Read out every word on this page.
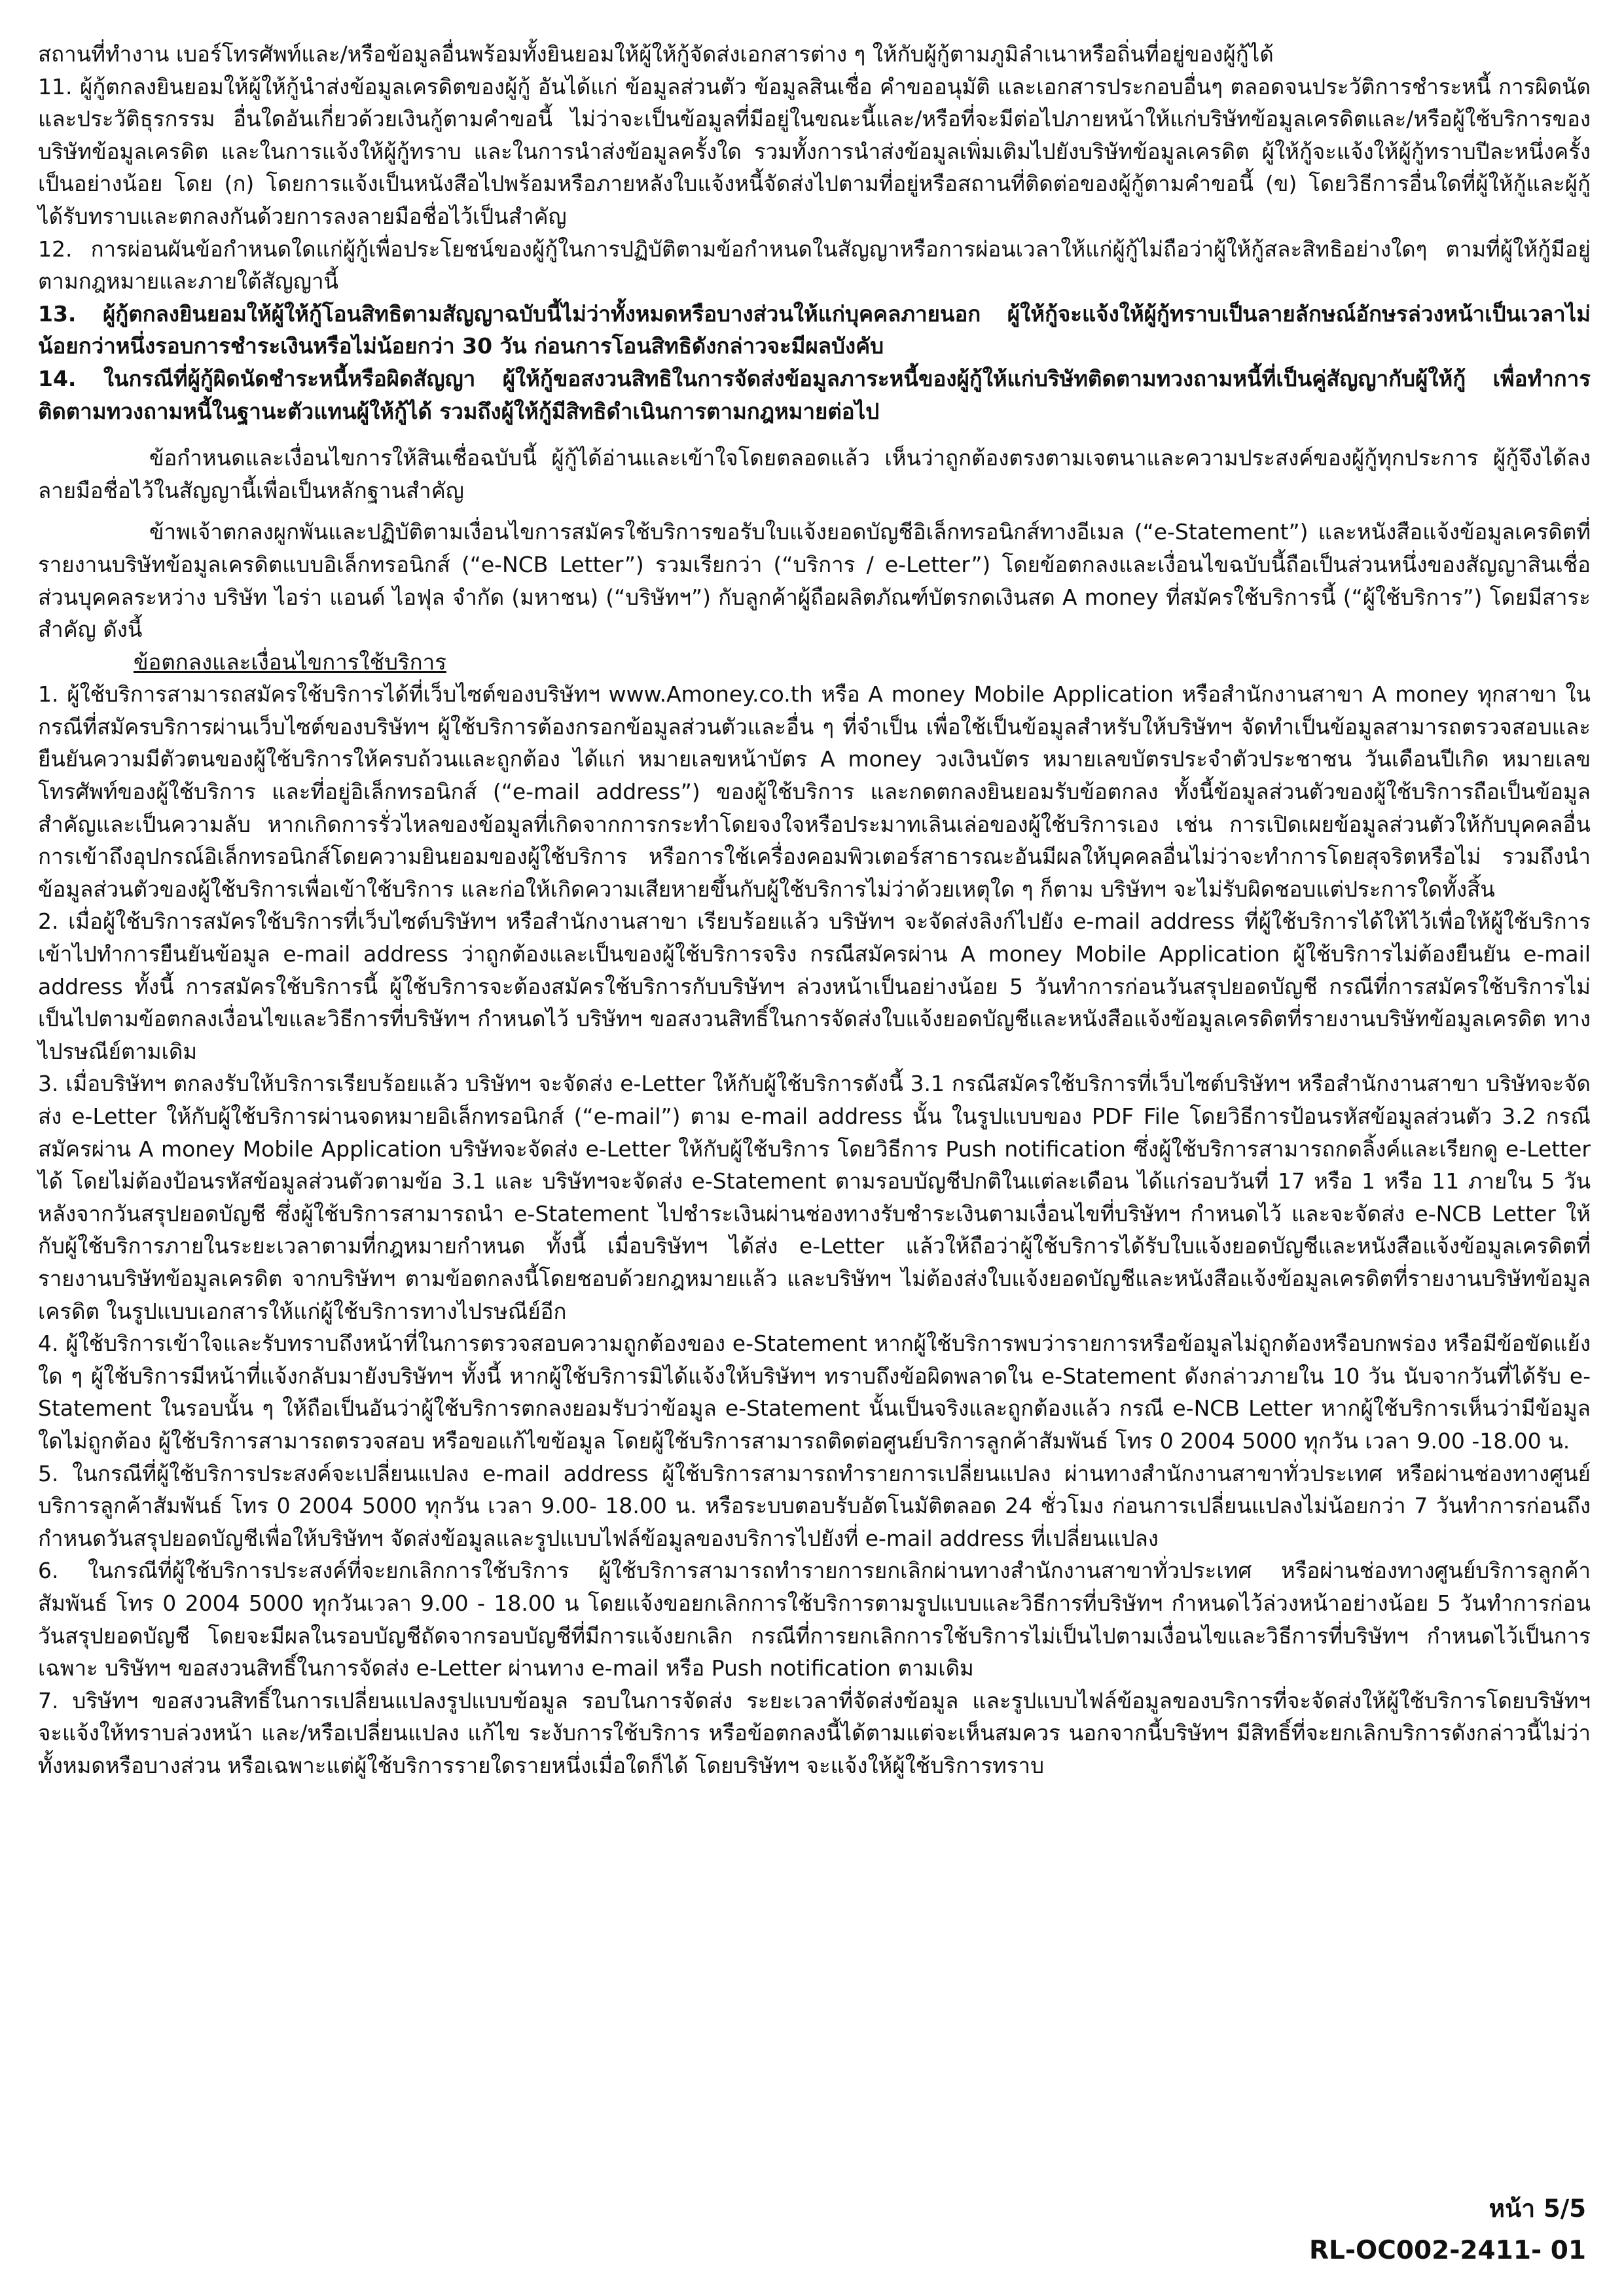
สถานที่ทำงาน เบอร์โทรศัพท์และ/หรือข้อมูลอื่นพร้อมทั้งยินยอมให้ผู้ให้กู้จัดส่งเอกสารต่าง ๆ ให้กับผู้กู้ตามภูมิลำเนาหรือถิ่นที่อยู่ของผู้กู้ได้

11. ผู้กู้ตกลงยินยอมให้ผู้ให้กู้นำส่งข้อมูลเครดิตของผู้กู้ อันได้แก่ ข้อมูลส่วนตัว ข้อมูลสินเชื่อ คำขออนุมัติ และเอกสารประกอบอื่นๆ ตลอดจนประวัติการชำระหนี้ การผิดนัด และประวัติธุรกรรม อื่นใดอันเกี่ยวด้วยเงินกู้ตามคำขอนี้ ไม่ว่าจะเป็นข้อมูลที่มีอยู่ในขณะนี้และ/หรือที่จะมีต่อไปภายหน้าให้แก่บริษัทข้อมูลเครดิตและ/หรือผู้ใช้บริการของบริษัทข้อมูลเครดิต และในการแจ้งให้ผู้กู้ทราบ และในการนำส่งข้อมูลครั้งใด รวมทั้งการนำส่งข้อมูลเพิ่มเติมไปยังบริษัทข้อมูลเครดิต ผู้ให้กู้จะแจ้งให้ผู้กู้ทราบปีละหนึ่งครั้งเป็นอย่างน้อย โดย (ก) โดยการแจ้งเป็นหนังสือไปพร้อมหรือภายหลังใบแจ้งหนี้จัดส่งไปตามที่อยู่หรือสถานที่ติดต่อของผู้กู้ตามคำขอนี้ (ข) โดยวิธีการอื่นใดที่ผู้ให้กู้และผู้กู้ได้รับทราบและตกลงกันด้วยการลงลายมือชื่อไว้เป็นสำคัญ

12. การผ่อนผันข้อกำหนดใดแก่ผู้กู้เพื่อประโยชน์ของผู้กู้ในการปฏิบัติตามข้อกำหนดในสัญญาหรือการผ่อนเวลาให้แก่ผู้กู้ไม่ถือว่าผู้ให้กู้สละสิทธิอย่างใดๆ ตามที่ผู้ให้กู้มีอยู่ตามกฎหมายและภายใต้สัญญานี้

13. ผู้กู้ตกลงยินยอมให้ผู้ให้กู้โอนสิทธิตามสัญญาฉบับนี้ไม่ว่าทั้งหมดหรือบางส่วนให้แก่บุคคลภายนอก ผู้ให้กู้จะแจ้งให้ผู้กู้ทราบเป็นลายลักษณ์อักษรล่วงหน้าเป็นเวลาไม่น้อยกว่าหนึ่งรอบการชำระเงินหรือไม่น้อยกว่า 30 วัน ก่อนการโอนสิทธิดังกล่าวจะมีผลบังคับ

14. ในกรณีที่ผู้กู้ผิดนัดชำระหนี้หรือผิดสัญญา ผู้ให้กู้ขอสงวนสิทธิในการจัดส่งข้อมูลภาระหนี้ของผู้กู้ให้แก่บริษัทติดตามทวงถามหนี้ที่เป็นคู่สัญญากับผู้ให้กู้ เพื่อทำการติดตามทวงถามหนี้ในฐานะตัวแทนผู้ให้กู้ได้ รวมถึงผู้ให้กู้มีสิทธิดำเนินการตามกฎหมายต่อไป

ข้อกำหนดและเงื่อนไขการให้สินเชื่อฉบับนี้ ผู้กู้ได้อ่านและเข้าใจโดยตลอดแล้ว เห็นว่าถูกต้องตรงตามเจตนาและความประสงค์ของผู้กู้ทุกประการ ผู้กู้จึงได้ลงลายมือชื่อไว้ในสัญญานี้เพื่อเป็นหลักฐานสำคัญ

ข้าพเจ้าตกลงผูกพันและปฏิบัติตามเงื่อนไขการสมัครใช้บริการขอรับใบแจ้งยอดบัญชีอิเล็กทรอนิกส์ทางอีเมล (“e-Statement”) และหนังสือแจ้งข้อมูลเครดิตที่รายงานบริษัทข้อมูลเครดิตแบบอิเล็กทรอนิกส์ (“e-NCB Letter”) รวมเรียกว่า (“บริการ / e-Letter”) โดยข้อตกลงและเงื่อนไขฉบับนี้ถือเป็นส่วนหนึ่งของสัญญาสินเชื่อส่วนบุคคลระหว่าง บริษัท ไอร่า แอนด์ ไอฟุล จำกัด (มหาชน) (“บริษัทฯ”) กับลูกค้าผู้ถือผลิตภัณฑ์บัตรกดเงินสด A money ที่สมัครใช้บริการนี้ (“ผู้ใช้บริการ”) โดยมีสาระสำคัญ ดังนี้

ข้อตกลงและเงื่อนไขการใช้บริการ

1. ผู้ใช้บริการสามารถสมัครใช้บริการได้ที่เว็บไซต์ของบริษัทฯ www.Amoney.co.th หรือ A money Mobile Application หรือสำนักงานสาขา A money ทุกสาขา ในกรณีที่สมัครบริการผ่านเว็บไซต์ของบริษัทฯ ผู้ใช้บริการต้องกรอกข้อมูลส่วนตัวและอื่น ๆ ที่จำเป็น เพื่อใช้เป็นข้อมูลสำหรับให้บริษัทฯ จัดทำเป็นข้อมูลสามารถตรวจสอบและยืนยันความมีตัวตนของผู้ใช้บริการให้ครบถ้วนและถูกต้อง ได้แก่ หมายเลขหน้าบัตร A money วงเงินบัตร หมายเลขบัตรประจำตัวประชาชน วันเดือนปีเกิด หมายเลขโทรศัพท์ของผู้ใช้บริการ และที่อยู่อิเล็กทรอนิกส์ (“e-mail address”) ของผู้ใช้บริการ และกดตกลงยินยอมรับข้อตกลง ทั้งนี้ข้อมูลส่วนตัวของผู้ใช้บริการถือเป็นข้อมูลสำคัญและเป็นความลับ หากเกิดการรั่วไหลของข้อมูลที่เกิดจากการกระทำโดยจงใจหรือประมาทเลินเล่อของผู้ใช้บริการเอง เช่น การเปิดเผยข้อมูลส่วนตัวให้กับบุคคลอื่น การเข้าถึงอุปกรณ์อิเล็กทรอนิกส์โดยความยินยอมของผู้ใช้บริการ หรือการใช้เครื่องคอมพิวเตอร์สาธารณะอันมีผลให้บุคคลอื่นไม่ว่าจะทำการโดยสุจริตหรือไม่ รวมถึงนำข้อมูลส่วนตัวของผู้ใช้บริการเพื่อเข้าใช้บริการ และก่อให้เกิดความเสียหายขึ้นกับผู้ใช้บริการไม่ว่าด้วยเหตุใด ๆ ก็ตาม บริษัทฯ จะไม่รับผิดชอบแต่ประการใดทั้งสิ้น

2. เมื่อผู้ใช้บริการสมัครใช้บริการที่เว็บไซต์บริษัทฯ หรือสำนักงานสาขา เรียบร้อยแล้ว บริษัทฯ จะจัดส่งลิงก์ไปยัง e-mail address ที่ผู้ใช้บริการได้ให้ไว้เพื่อให้ผู้ใช้บริการเข้าไปทำการยืนยันข้อมูล e-mail address ว่าถูกต้องและเป็นของผู้ใช้บริการจริง กรณีสมัครผ่าน A money Mobile Application ผู้ใช้บริการไม่ต้องยืนยัน e-mail address ทั้งนี้ การสมัครใช้บริการนี้ ผู้ใช้บริการจะต้องสมัครใช้บริการกับบริษัทฯ ล่วงหน้าเป็นอย่างน้อย 5 วันทำการก่อนวันสรุปยอดบัญชี กรณีที่การสมัครใช้บริการไม่เป็นไปตามข้อตกลงเงื่อนไขและวิธีการที่บริษัทฯ กำหนดไว้ บริษัทฯ ขอสงวนสิทธิ์ในการจัดส่งใบแจ้งยอดบัญชีและหนังสือแจ้งข้อมูลเครดิตที่รายงานบริษัทข้อมูลเครดิต ทางไปรษณีย์ตามเดิม

3. เมื่อบริษัทฯ ตกลงรับให้บริการเรียบร้อยแล้ว บริษัทฯ จะจัดส่ง e-Letter ให้กับผู้ใช้บริการดังนี้ 3.1 กรณีสมัครใช้บริการที่เว็บไซต์บริษัทฯ หรือสำนักงานสาขา บริษัทจะจัดส่ง e-Letter ให้กับผู้ใช้บริการผ่านจดหมายอิเล็กทรอนิกส์ (“e-mail”) ตาม e-mail address นั้น ในรูปแบบของ PDF File โดยวิธีการป้อนรหัสข้อมูลส่วนตัว 3.2 กรณีสมัครผ่าน A money Mobile Application บริษัทจะจัดส่ง e-Letter ให้กับผู้ใช้บริการ โดยวิธีการ Push notification ซึ่งผู้ใช้บริการสามารถกดลิ้งค์และเรียกดู e-Letter ได้ โดยไม่ต้องป้อนรหัสข้อมูลส่วนตัวตามข้อ 3.1 และ บริษัทฯจะจัดส่ง e-Statement ตามรอบบัญชีปกติในแต่ละเดือน ได้แก่รอบวันที่ 17 หรือ 1 หรือ 11 ภายใน 5 วัน หลังจากวันสรุปยอดบัญชี ซึ่งผู้ใช้บริการสามารถนำ e-Statement ไปชำระเงินผ่านช่องทางรับชำระเงินตามเงื่อนไขที่บริษัทฯ กำหนดไว้ และจะจัดส่ง e-NCB Letter ให้กับผู้ใช้บริการภายในระยะเวลาตามที่กฎหมายกำหนด ทั้งนี้ เมื่อบริษัทฯ ได้ส่ง e-Letter แล้วให้ถือว่าผู้ใช้บริการได้รับใบแจ้งยอดบัญชีและหนังสือแจ้งข้อมูลเครดิตที่รายงานบริษัทข้อมูลเครดิต จากบริษัทฯ ตามข้อตกลงนี้โดยชอบด้วยกฎหมายแล้ว และบริษัทฯ ไม่ต้องส่งใบแจ้งยอดบัญชีและหนังสือแจ้งข้อมูลเครดิตที่รายงานบริษัทข้อมูลเครดิต ในรูปแบบเอกสารให้แก่ผู้ใช้บริการทางไปรษณีย์อีก

4. ผู้ใช้บริการเข้าใจและรับทราบถึงหน้าที่ในการตรวจสอบความถูกต้องของ e-Statement หากผู้ใช้บริการพบว่ารายการหรือข้อมูลไม่ถูกต้องหรือบกพร่อง หรือมีข้อขัดแย้งใด ๆ ผู้ใช้บริการมีหน้าที่แจ้งกลับมายังบริษัทฯ ทั้งนี้ หากผู้ใช้บริการมิได้แจ้งให้บริษัทฯ ทราบถึงข้อผิดพลาดใน e-Statement ดังกล่าวภายใน 10 วัน นับจากวันที่ได้รับ e-Statement ในรอบนั้น ๆ ให้ถือเป็นอันว่าผู้ใช้บริการตกลงยอมรับว่าข้อมูล e-Statement นั้นเป็นจริงและถูกต้องแล้ว กรณี e-NCB Letter หากผู้ใช้บริการเห็นว่ามีข้อมูลใดไม่ถูกต้อง ผู้ใช้บริการสามารถตรวจสอบ หรือขอแก้ไขข้อมูล โดยผู้ใช้บริการสามารถติดต่อศูนย์บริการลูกค้าสัมพันธ์ โทร 0 2004 5000 ทุกวัน เวลา 9.00 -18.00 น.

5. ในกรณีที่ผู้ใช้บริการประสงค์จะเปลี่ยนแปลง e-mail address ผู้ใช้บริการสามารถทำรายการเปลี่ยนแปลง ผ่านทางสำนักงานสาขาทั่วประเทศ หรือผ่านช่องทางศูนย์บริการลูกค้าสัมพันธ์ โทร 0 2004 5000 ทุกวัน เวลา 9.00- 18.00 น. หรือระบบตอบรับอัตโนมัติตลอด 24 ชั่วโมง ก่อนการเปลี่ยนแปลงไม่น้อยกว่า 7 วันทำการก่อนถึงกำหนดวันสรุปยอดบัญชีเพื่อให้บริษัทฯ จัดส่งข้อมูลและรูปแบบไฟล์ข้อมูลของบริการไปยังที่ e-mail address ที่เปลี่ยนแปลง

6. ในกรณีที่ผู้ใช้บริการประสงค์ที่จะยกเลิกการใช้บริการ ผู้ใช้บริการสามารถทำรายการยกเลิกผ่านทางสำนักงานสาขาทั่วประเทศ หรือผ่านช่องทางศูนย์บริการลูกค้าสัมพันธ์ โทร 0 2004 5000 ทุกวันเวลา 9.00 - 18.00 น โดยแจ้งขอยกเลิกการใช้บริการตามรูปแบบและวิธีการที่บริษัทฯ กำหนดไว้ล่วงหน้าอย่างน้อย 5 วันทำการก่อนวันสรุปยอดบัญชี โดยจะมีผลในรอบบัญชีถัดจากรอบบัญชีที่มีการแจ้งยกเลิก กรณีที่การยกเลิกการใช้บริการไม่เป็นไปตามเงื่อนไขและวิธีการที่บริษัทฯ กำหนดไว้เป็นการเฉพาะ บริษัทฯ ขอสงวนสิทธิ์ในการจัดส่ง e-Letter ผ่านทาง e-mail หรือ Push notification ตามเดิม

7. บริษัทฯ ขอสงวนสิทธิ์ในการเปลี่ยนแปลงรูปแบบข้อมูล รอบในการจัดส่ง ระยะเวลาที่จัดส่งข้อมูล และรูปแบบไฟล์ข้อมูลของบริการที่จะจัดส่งให้ผู้ใช้บริการโดยบริษัทฯ จะแจ้งให้ทราบล่วงหน้า และ/หรือเปลี่ยนแปลง แก้ไข ระงับการใช้บริการ หรือข้อตกลงนี้ได้ตามแต่จะเห็นสมควร นอกจากนี้บริษัทฯ มีสิทธิ์ที่จะยกเลิกบริการดังกล่าวนี้ไม่ว่าทั้งหมดหรือบางส่วน หรือเฉพาะแต่ผู้ใช้บริการรายใดรายหนึ่งเมื่อใดก็ได้ โดยบริษัทฯ จะแจ้งให้ผู้ใช้บริการทราบ

หน้า 5/5
RL-OC002-2411- 01
